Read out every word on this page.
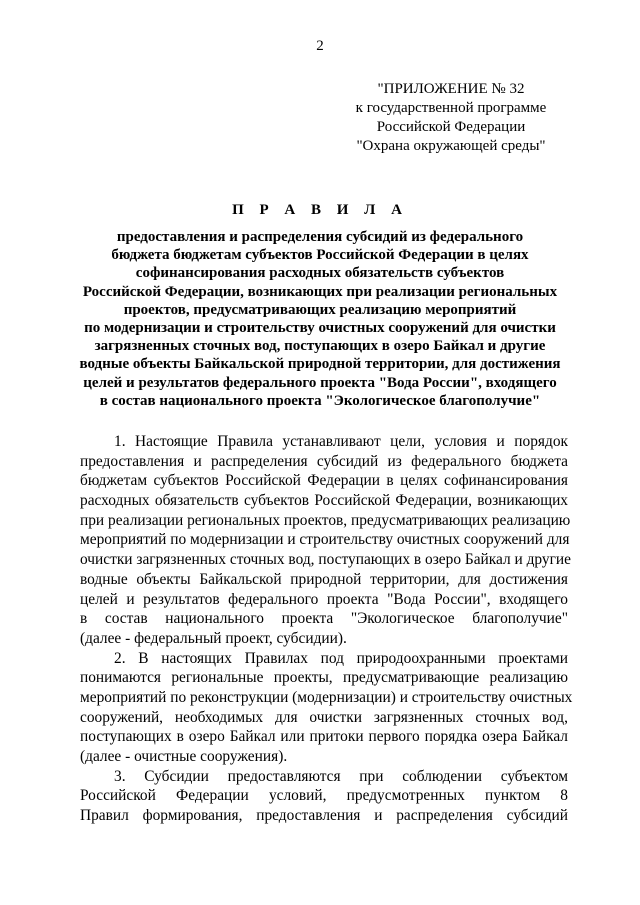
2
"ПРИЛОЖЕНИЕ № 32
к государственной программе
Российской Федерации
"Охрана окружающей среды"
П Р А В И Л А
предоставления и распределения субсидий из федерального
бюджета бюджетам субъектов Российской Федерации в целях
софинансирования расходных обязательств субъектов
Российской Федерации, возникающих при реализации региональных
проектов, предусматривающих реализацию мероприятий
по модернизации и строительству очистных сооружений для очистки
загрязненных сточных вод, поступающих в озеро Байкал и другие
водные объекты Байкальской природной территории, для достижения
целей и результатов федерального проекта "Вода России", входящего
в состав национального проекта "Экологическое благополучие"
1. Настоящие Правила устанавливают цели, условия и порядок
предоставления и распределения субсидий из федерального бюджета
бюджетам субъектов Российской Федерации в целях софинансирования
расходных обязательств субъектов Российской Федерации, возникающих
при реализации региональных проектов, предусматривающих реализацию
мероприятий по модернизации и строительству очистных сооружений для
очистки загрязненных сточных вод, поступающих в озеро Байкал и другие
водные объекты Байкальской природной территории, для достижения
целей и результатов федерального проекта "Вода России", входящего
в состав национального проекта "Экологическое благополучие"
(далее - федеральный проект, субсидии).
2. В настоящих Правилах под природоохранными проектами
понимаются региональные проекты, предусматривающие реализацию
мероприятий по реконструкции (модернизации) и строительству очистных
сооружений, необходимых для очистки загрязненных сточных вод,
поступающих в озеро Байкал или притоки первого порядка озера Байкал
(далее - очистные сооружения).
3. Субсидии предоставляются при соблюдении субъектом
Российской Федерации условий, предусмотренных пунктом 8
Правил формирования, предоставления и распределения субсидий
